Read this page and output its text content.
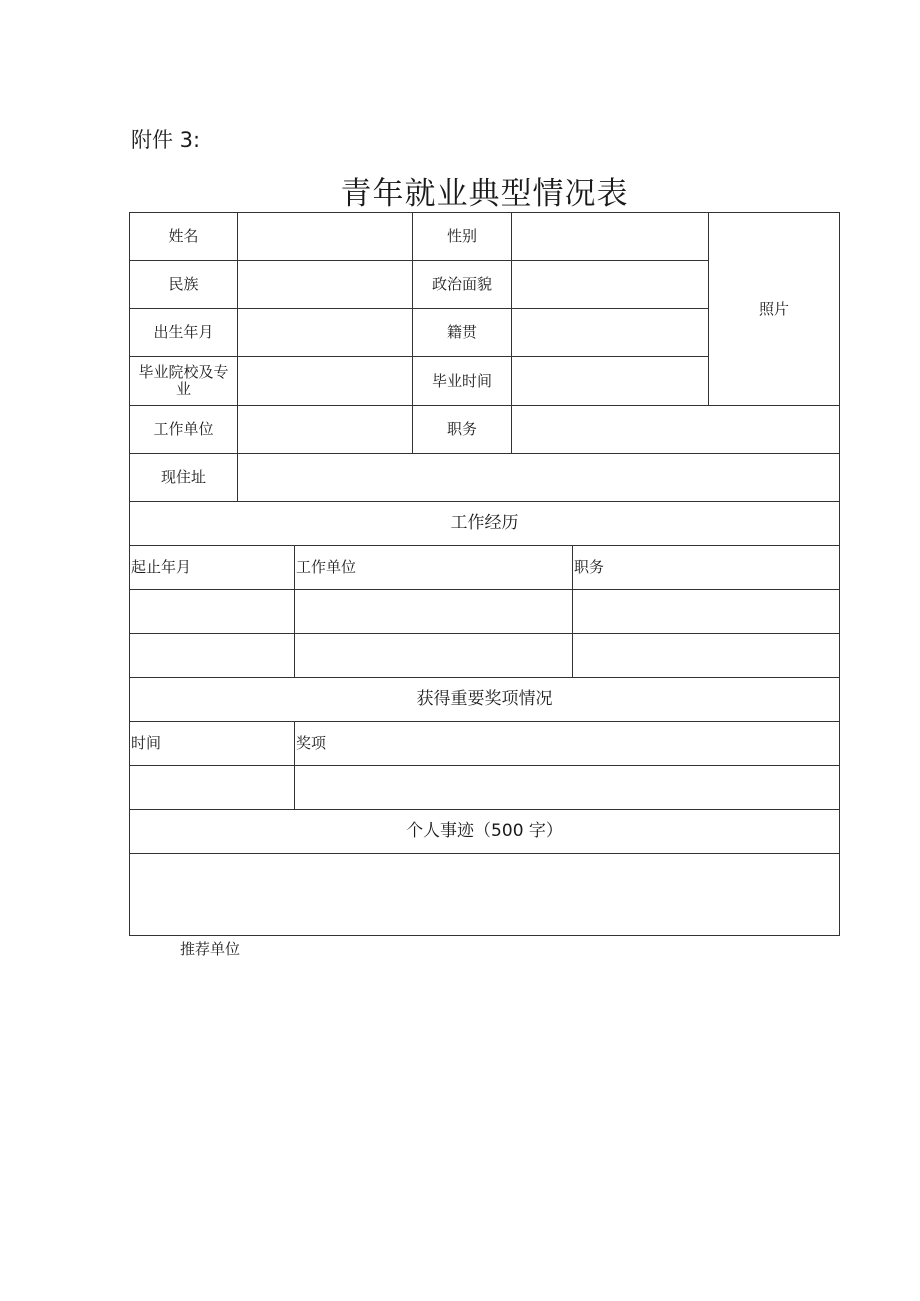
附件 3:
青年就业典型情况表
姓名	性别
照片
民族	政治面貌
出生年月	籍贯
毕业院校及专业	毕业时间
工作单位	职务
现住址
工作经历
起止年月	工作单位	职务
获得重要奖项情况
时间	奖项
个人事迹（500 字）
推荐单位
